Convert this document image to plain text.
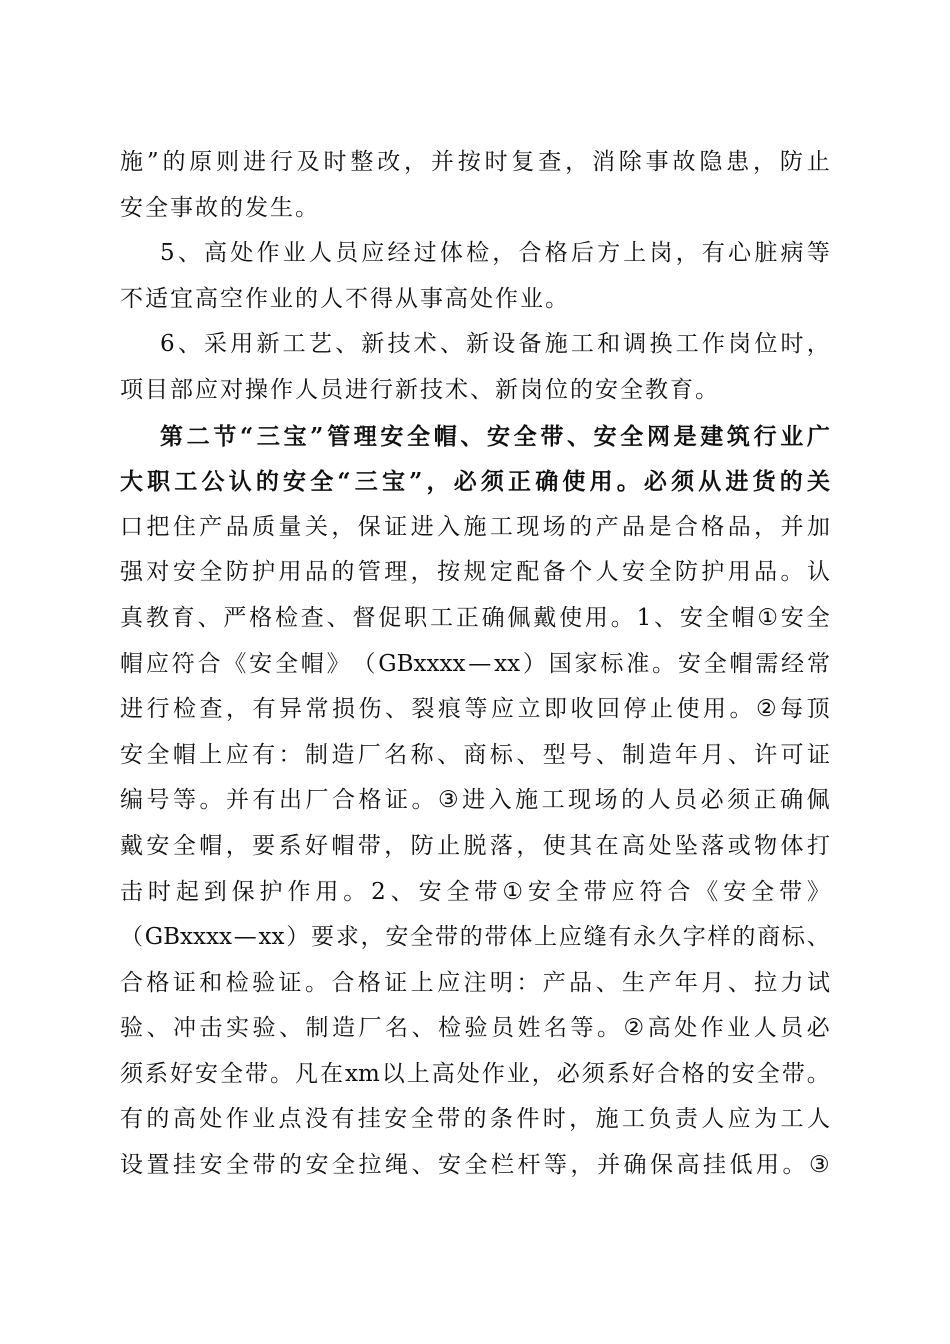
施 ” 的 原 则 进 行 及 时 整 改 ， 并 按 时 复 查 ， 消 除 事 故 隐 患 ， 防 止
安全事故的发生。
5 、 高 处 作 业 人 员 应 经 过 体 检 ， 合 格 后 方 上 岗 ， 有 心 脏 病 等
不适宜高空作业的人不得从事高处作业。
6 、 采 用 新 工 艺 、 新 技 术 、 新 设 备 施 工 和 调 换 工 作 岗 位 时 ，
项目部应对操作人员进行新技术、新岗位的安全教育。
第 二 节 “ 三 宝 ” 管 理 安 全 帽 、 安 全 带 、 安 全 网 是 建 筑 行 业 广
大 职 工 公 认 的 安 全 “ 三 宝 ” ， 必 须 正 确 使 用 。 必 须 从 进 货 的 关
口 把 住 产 品 质 量 关 ， 保 证 进 入 施 工 现 场 的 产 品 是 合 格 品 ， 并 加
强 对 安 全 防 护 用 品 的 管 理 ， 按 规 定 配 备 个 人 安 全 防 护 用 品 。 认
真 教 育 、 严 格 检 查 、 督 促 职 工 正 确 佩 戴 使 用 。 1 、 安 全 帽 ① 安 全
帽 应 符 合 《 安 全 帽 》 （ GBxxxx — xx ） 国 家 标 准 。 安 全 帽 需 经 常
进 行 检 查 ， 有 异 常 损 伤 、 裂 痕 等 应 立 即 收 回 停 止 使 用 。 ② 每 顶
安 全 帽 上 应 有 ： 制 造 厂 名 称 、 商 标 、 型 号 、 制 造 年 月 、 许 可 证
编 号 等 。 并 有 出 厂 合 格 证 。 ③ 进 入 施 工 现 场 的 人 员 必 须 正 确 佩
戴 安 全 帽 ， 要 系 好 帽 带 ， 防 止 脱 落 ， 使 其 在 高 处 坠 落 或 物 体 打
击 时 起 到 保 护 作 用 。 2 、 安 全 带 ① 安 全 带 应 符 合 《 安 全 带 》
（ GBxxxx — xx ） 要 求 ， 安 全 带 的 带 体 上 应 缝 有 永 久 字 样 的 商 标 、
合 格 证 和 检 验 证 。 合 格 证 上 应 注 明 ： 产 品 、 生 产 年 月 、 拉 力 试
验 、 冲 击 实 验 、 制 造 厂 名 、 检 验 员 姓 名 等 。 ② 高 处 作 业 人 员 必
须 系 好 安 全 带 。 凡 在 xm 以 上 高 处 作 业 ， 必 须 系 好 合 格 的 安 全 带 。
有 的 高 处 作 业 点 没 有 挂 安 全 带 的 条 件 时 ， 施 工 负 责 人 应 为 工 人
设 置 挂 安 全 带 的 安 全 拉 绳 、 安 全 栏 杆 等 ， 并 确 保 高 挂 低 用 。 ③
